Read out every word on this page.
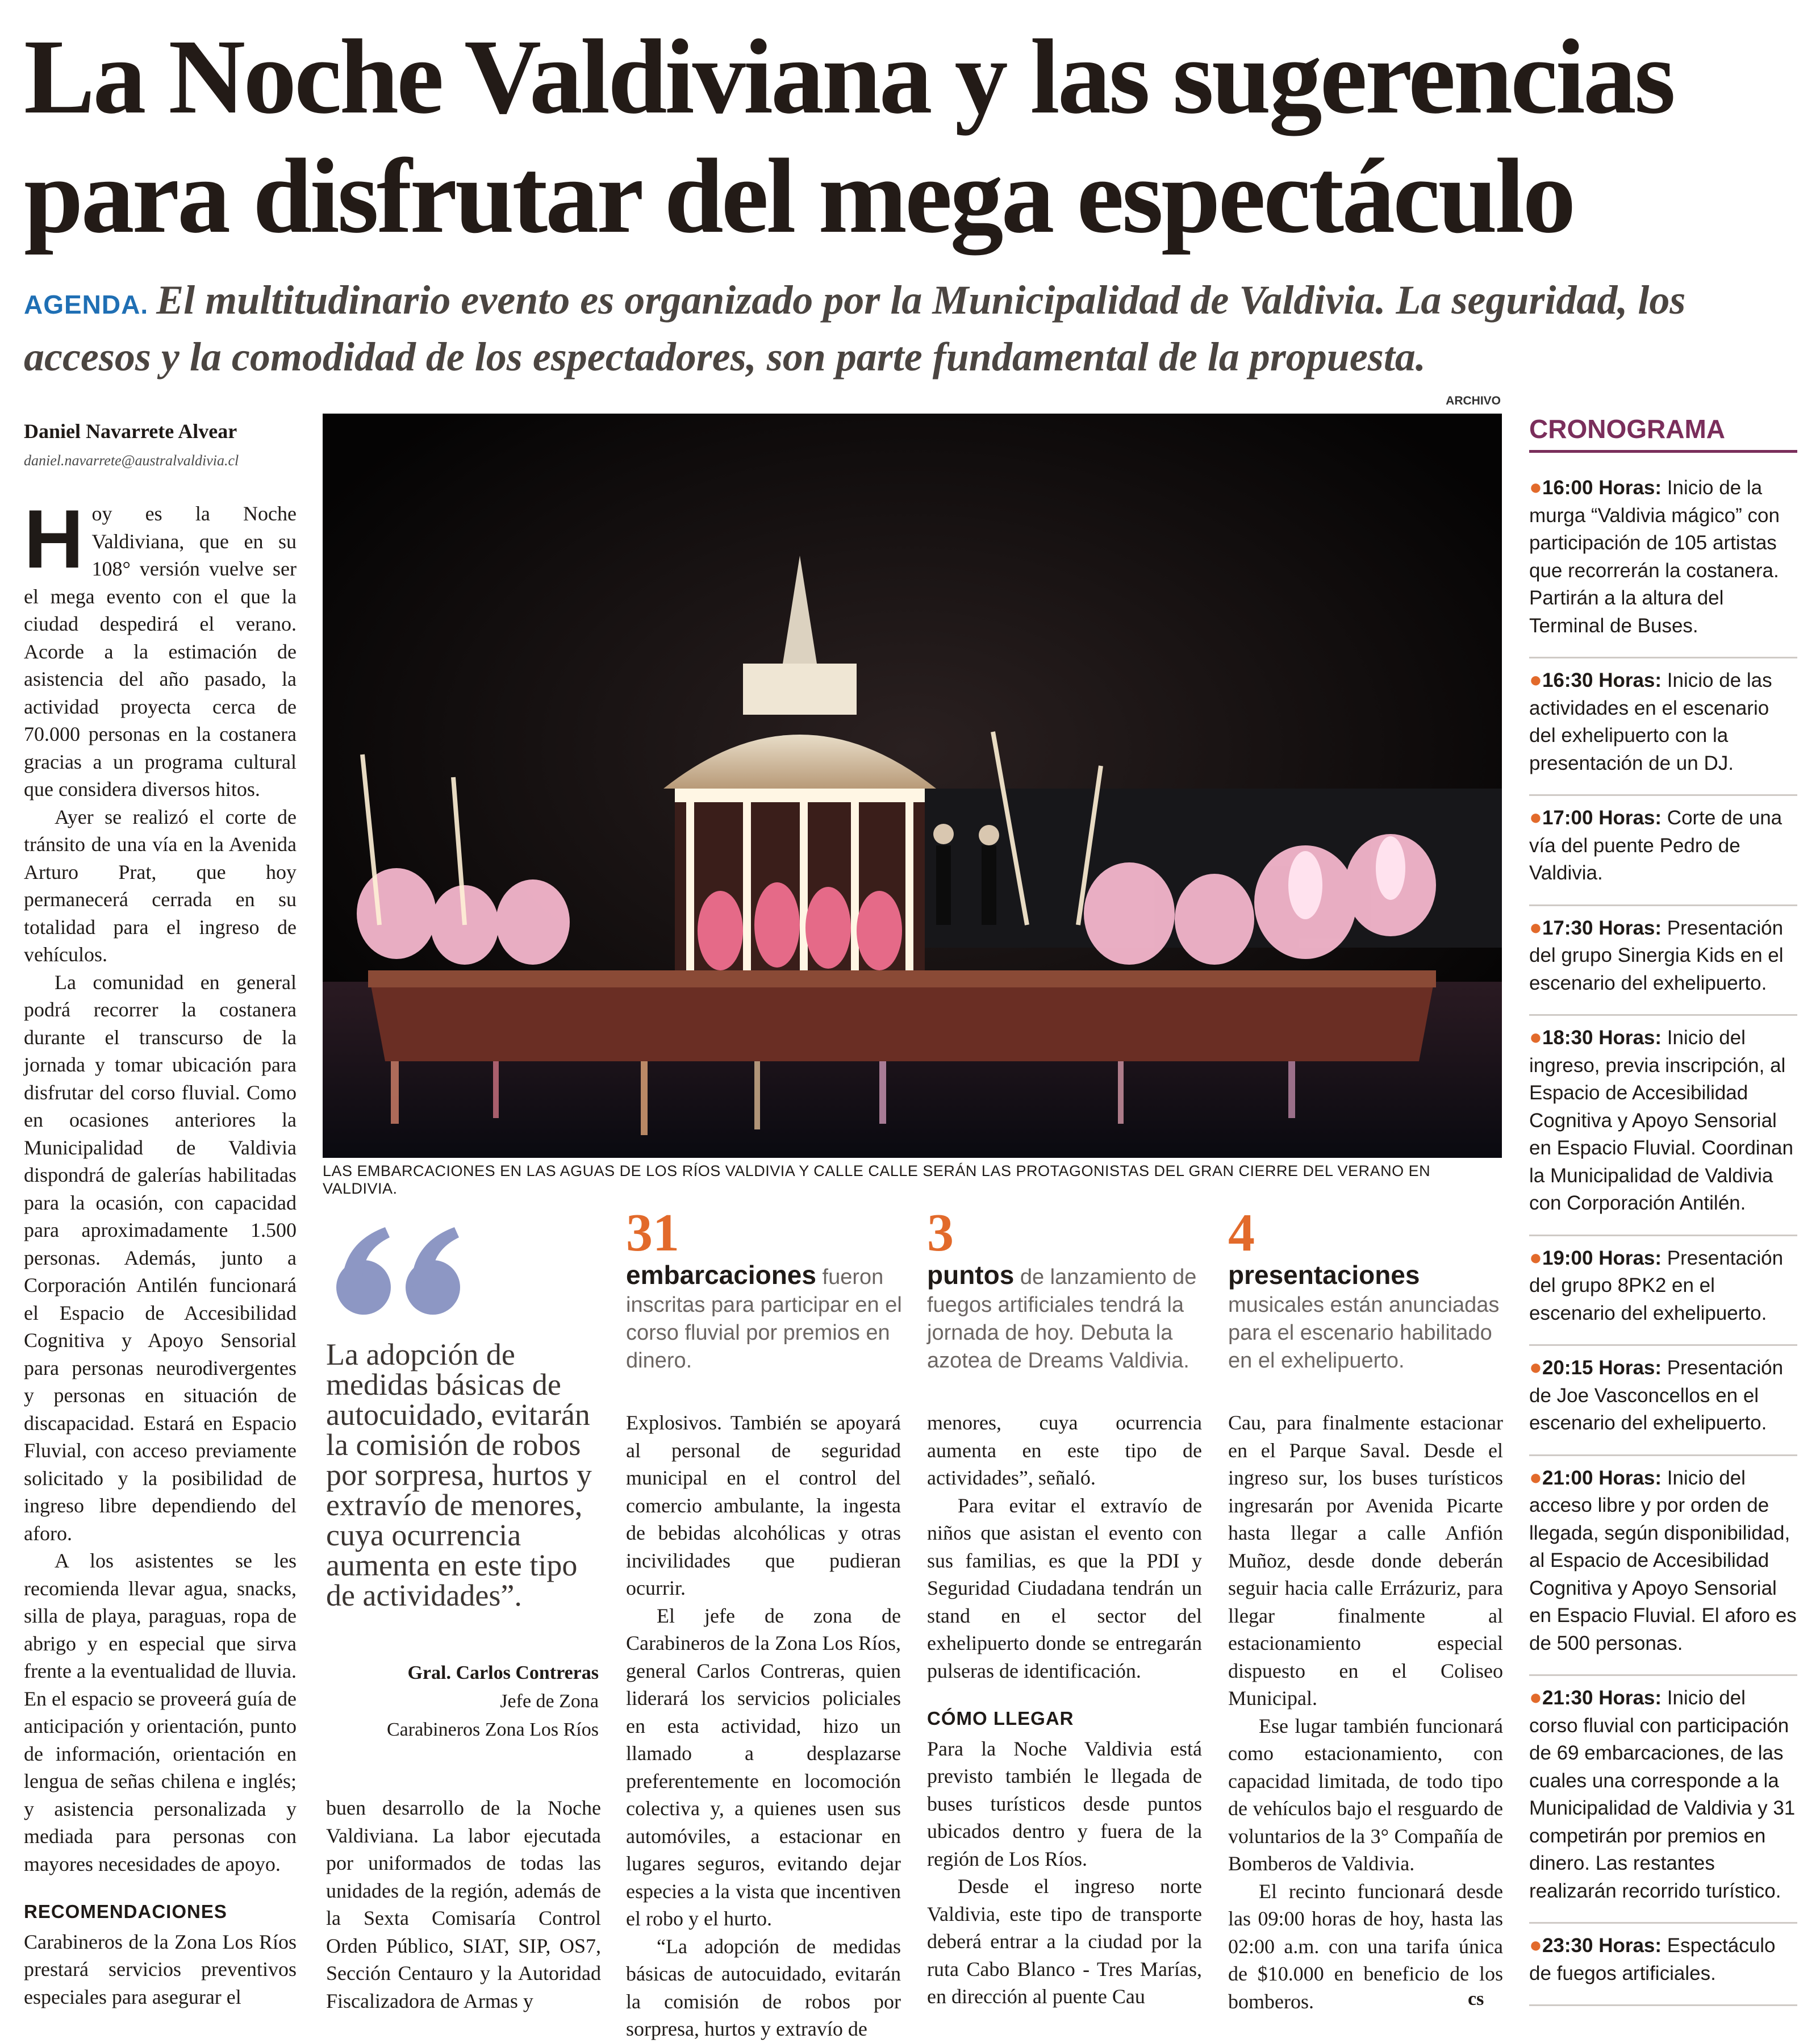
La Noche Valdiviana y las sugerencias para disfrutar del mega espectáculo

AGENDA. El multitudinario evento es organizado por la Municipalidad de Valdivia. La seguridad, los accesos y la comodidad de los espectadores, son parte fundamental de la propuesta.

Daniel Navarrete Alvear
daniel.navarrete@australvaldivia.cl

Hoy es la Noche Valdiviana, que en su 108° versión vuelve ser el mega evento con el que la ciudad despedirá el verano. Acorde a la estimación de asistencia del año pasado, la actividad proyecta cerca de 70.000 personas en la costanera gracias a un programa cultural que considera diversos hitos.

Ayer se realizó el corte de tránsito de una vía en la Avenida Arturo Prat, que hoy permanecerá cerrada en su totalidad para el ingreso de vehículos.

La comunidad en general podrá recorrer la costanera durante el transcurso de la jornada y tomar ubicación para disfrutar del corso fluvial. Como en ocasiones anteriores la Municipalidad de Valdivia dispondrá de galerías habilitadas para la ocasión, con capacidad para aproximadamente 1.500 personas. Además, junto a Corporación Antilén funcionará el Espacio de Accesibilidad Cognitiva y Apoyo Sensorial para personas neurodivergentes y personas en situación de discapacidad. Estará en Espacio Fluvial, con acceso previamente solicitado y la posibilidad de ingreso libre dependiendo del aforo.

A los asistentes se les recomienda llevar agua, snacks, silla de playa, paraguas, ropa de abrigo y en especial que sirva frente a la eventualidad de lluvia. En el espacio se proveerá guía de anticipación y orientación, punto de información, orientación en lengua de señas chilena e inglés; y asistencia personalizada y mediada para personas con mayores necesidades de apoyo.

RECOMENDACIONES

Carabineros de la Zona Los Ríos prestará servicios preventivos especiales para asegurar el

ARCHIVO
LAS EMBARCACIONES EN LAS AGUAS DE LOS RÍOS VALDIVIA Y CALLE CALLE SERÁN LAS PROTAGONISTAS DEL GRAN CIERRE DEL VERANO EN VALDIVIA.

La adopción de medidas básicas de autocuidado, evitarán la comisión de robos por sorpresa, hurtos y extravío de menores, cuya ocurrencia aumenta en este tipo de actividades”.

Gral. Carlos Contreras
Jefe de Zona
Carabineros Zona Los Ríos

buen desarrollo de la Noche Valdiviana. La labor ejecutada por uniformados de todas las unidades de la región, además de la Sexta Comisaría Control Orden Público, SIAT, SIP, OS7, Sección Centauro y la Autoridad Fiscalizadora de Armas y

31
embarcaciones fueron inscritas para participar en el corso fluvial por premios en dinero.
3
puntos de lanzamiento de fuegos artificiales tendrá la jornada de hoy. Debuta la azotea de Dreams Valdivia.
4
presentaciones musicales están anunciadas para el escenario habilitado en el exhelipuerto.

Explosivos. También se apoyará al personal de seguridad municipal en el control del comercio ambulante, la ingesta de bebidas alcohólicas y otras incivilidades que pudieran ocurrir.

El jefe de zona de Carabineros de la Zona Los Ríos, general Carlos Contreras, quien liderará los servicios policiales en esta actividad, hizo un llamado a desplazarse preferentemente en locomoción colectiva y, a quienes usen sus automóviles, a estacionar en lugares seguros, evitando dejar especies a la vista que incentiven el robo y el hurto.

“La adopción de medidas básicas de autocuidado, evitarán la comisión de robos por sorpresa, hurtos y extravío de

menores, cuya ocurrencia aumenta en este tipo de actividades”, señaló.

Para evitar el extravío de niños que asistan el evento con sus familias, es que la PDI y Seguridad Ciudadana tendrán un stand en el sector del exhelipuerto donde se entregarán pulseras de identificación.

CÓMO LLEGAR

Para la Noche Valdivia está previsto también le llegada de buses turísticos desde puntos ubicados dentro y fuera de la región de Los Ríos.

Desde el ingreso norte Valdivia, este tipo de transporte deberá entrar a la ciudad por la ruta Cabo Blanco - Tres Marías, en dirección al puente Cau

Cau, para finalmente estacionar en el Parque Saval. Desde el ingreso sur, los buses turísticos ingresarán por Avenida Picarte hasta llegar a calle Anfión Muñoz, desde donde deberán seguir hacia calle Errázuriz, para llegar finalmente al estacionamiento especial dispuesto en el Coliseo Municipal.

Ese lugar también funcionará como estacionamiento, con capacidad limitada, de todo tipo de vehículos bajo el resguardo de voluntarios de la 3° Compañía de Bomberos de Valdivia.

El recinto funcionará desde las 09:00 horas de hoy, hasta las 02:00 a.m. con una tarifa única de $10.000 en beneficio de los bomberos.	cs
CRONOGRAMA
●16:00 Horas: Inicio de la murga “Valdivia mágico” con participación de 105 artistas que recorrerán la costanera. Partirán a la altura del Terminal de Buses.
●16:30 Horas: Inicio de las actividades en el escenario del exhelipuerto con la presentación de un DJ.
●17:00 Horas: Corte de una vía del puente Pedro de Valdivia.
●17:30 Horas: Presentación del grupo Sinergia Kids en el escenario del exhelipuerto.
●18:30 Horas: Inicio del ingreso, previa inscripción, al Espacio de Accesibilidad Cognitiva y Apoyo Sensorial en Espacio Fluvial. Coordinan la Municipalidad de Valdivia con Corporación Antilén.
●19:00 Horas: Presentación del grupo 8PK2 en el escenario del exhelipuerto.
●20:15 Horas: Presentación de Joe Vasconcellos en el escenario del exhelipuerto.
●21:00 Horas: Inicio del acceso libre y por orden de llegada, según disponibilidad, al Espacio de Accesibilidad Cognitiva y Apoyo Sensorial en Espacio Fluvial. El aforo es de 500 personas.
●21:30 Horas: Inicio del corso fluvial con participación de 69 embarcaciones, de las cuales una corresponde a la Municipalidad de Valdivia y 31 competirán por premios en dinero. Las restantes realizarán recorrido turístico.
●23:30 Horas: Espectáculo de fuegos artificiales.
